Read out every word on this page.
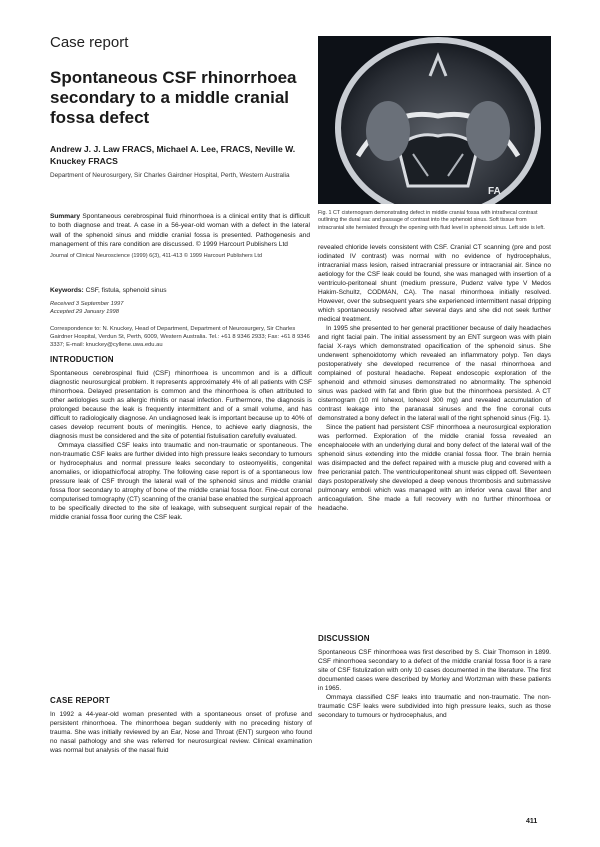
Case report
Spontaneous CSF rhinorrhoea secondary to a middle cranial fossa defect
Andrew J. J. Law FRACS, Michael A. Lee, FRACS, Neville W. Knuckey FRACS
Department of Neurosurgery, Sir Charles Gairdner Hospital, Perth, Western Australia
Summary Spontaneous cerebrospinal fluid rhinorrhoea is a clinical entity that is difficult to both diagnose and treat. A case in a 56-year-old woman with a defect in the lateral wall of the sphenoid sinus and middle cranial fossa is presented. Pathogenesis and management of this rare condition are discussed. © 1999 Harcourt Publishers Ltd
Journal of Clinical Neuroscience (1999) 6(3), 411-413 © 1999 Harcourt Publishers Ltd
Keywords: CSF, fistula, sphenoid sinus
Received 3 September 1997
Accepted 29 January 1998
Correspondence to: N. Knuckey, Head of Department, Department of Neurosurgery, Sir Charles Gairdner Hospital, Verdun St, Perth, 6009, Western Australia. Tel.: +61 8 9346 2933; Fax: +61 8 9346 3337; E-mail: knuckey@cyllene.uwa.edu.au
INTRODUCTION

Spontaneous cerebrospinal fluid (CSF) rhinorrhoea is uncommon and is a difficult diagnostic neurosurgical problem. It represents approximately 4% of all patients with CSF rhinorrhoea. Delayed presentation is common and the rhinorrhoea is often attributed to other aetiologies such as allergic rhinitis or nasal infection. Furthermore, the diagnosis is prolonged because the leak is frequently intermittent and of a small volume, and has difficult to radiologically diagnose. An undiagnosed leak is important because up to 40% of cases develop recurrent bouts of meningitis. Hence, to achieve early diagnosis, the diagnosis must be considered and the site of potential fistulisation carefully evaluated.

Ommaya classified CSF leaks into traumatic and non-traumatic or spontaneous. The non-traumatic CSF leaks are further divided into high pressure leaks secondary to tumours or hydrocephalus and normal pressure leaks secondary to osteomyelitis, congenital anomalies, or idiopathic/focal atrophy. The following case report is of a spontaneous low pressure leak of CSF through the lateral wall of the sphenoid sinus and middle cranial fossa floor secondary to atrophy of bone of the middle cranial fossa floor. Fine-cut coronal computerised tomography (CT) scanning of the cranial base enabled the surgical approach to be specifically directed to the site of leakage, with subsequent surgical repair of the middle cranial fossa floor curing the CSF leak.

CASE REPORT

In 1992 a 44-year-old woman presented with a spontaneous onset of profuse and persistent rhinorrhoea. The rhinorrhoea began suddenly with no preceding history of trauma. She was initially reviewed by an Ear, Nose and Throat (ENT) surgeon who found no nasal pathology and she was referred for neurosurgical review. Clinical examination was normal but analysis of the nasal fluid

FA
Fig. 1 CT cisternogram demonstrating defect in middle cranial fossa with intrathecal contrast outlining the dural sac and passage of contrast into the sphenoid sinus. Soft tissue from intracranial site herniated through the opening with fluid level in sphenoid sinus. Left side is left.

revealed chloride levels consistent with CSF. Cranial CT scanning (pre and post iodinated IV contrast) was normal with no evidence of hydrocephalus, intracranial mass lesion, raised intracranial pressure or intracranial air. Since no aetiology for the CSF leak could be found, she was managed with insertion of a ventriculo-peritoneal shunt (medium pressure, Pudenz valve type V Medos Hakim-Schultz, CODMAN, CA). The nasal rhinorrhoea initially resolved. However, over the subsequent years she experienced intermittent nasal dripping which spontaneously resolved after several days and she did not seek further medical treatment.

In 1995 she presented to her general practitioner because of daily headaches and right facial pain. The initial assessment by an ENT surgeon was with plain facial X-rays which demonstrated opacification of the sphenoid sinus. She underwent sphenoidotomy which revealed an inflammatory polyp. Ten days postoperatively she developed recurrence of the nasal rhinorrhoea and complained of postural headache. Repeat endoscopic exploration of the sphenoid and ethmoid sinuses demonstrated no abnormality. The sphenoid sinus was packed with fat and fibrin glue but the rhinorrhoea persisted. A CT cisternogram (10 ml Iohexol, Iohexol 300 mg) and revealed accumulation of contrast leakage into the paranasal sinuses and the fine coronal cuts demonstrated a bony defect in the lateral wall of the right sphenoid sinus (Fig. 1).

Since the patient had persistent CSF rhinorrhoea a neurosurgical exploration was performed. Exploration of the middle cranial fossa revealed an encephalocele with an underlying dural and bony defect of the lateral wall of the sphenoid sinus extending into the middle cranial fossa floor. The brain hernia was disimpacted and the defect repaired with a muscle plug and covered with a free pericranial patch. The ventriculoperitoneal shunt was clipped off. Seventeen days postoperatively she developed a deep venous thrombosis and submassive pulmonary emboli which was managed with an inferior vena caval filter and anticoagulation. She made a full recovery with no further rhinorrhoea or headache.

DISCUSSION

Spontaneous CSF rhinorrhoea was first described by S. Clair Thomson in 1899. CSF rhinorrhoea secondary to a defect of the middle cranial fossa floor is a rare site of CSF fistulization with only 10 cases documented in the literature. The first documented cases were described by Morley and Wortzman with these patients in 1965.

Ommaya classified CSF leaks into traumatic and non-traumatic. The non-traumatic CSF leaks were subdivided into high pressure leaks, such as those secondary to tumours or hydrocephalus, and

411
